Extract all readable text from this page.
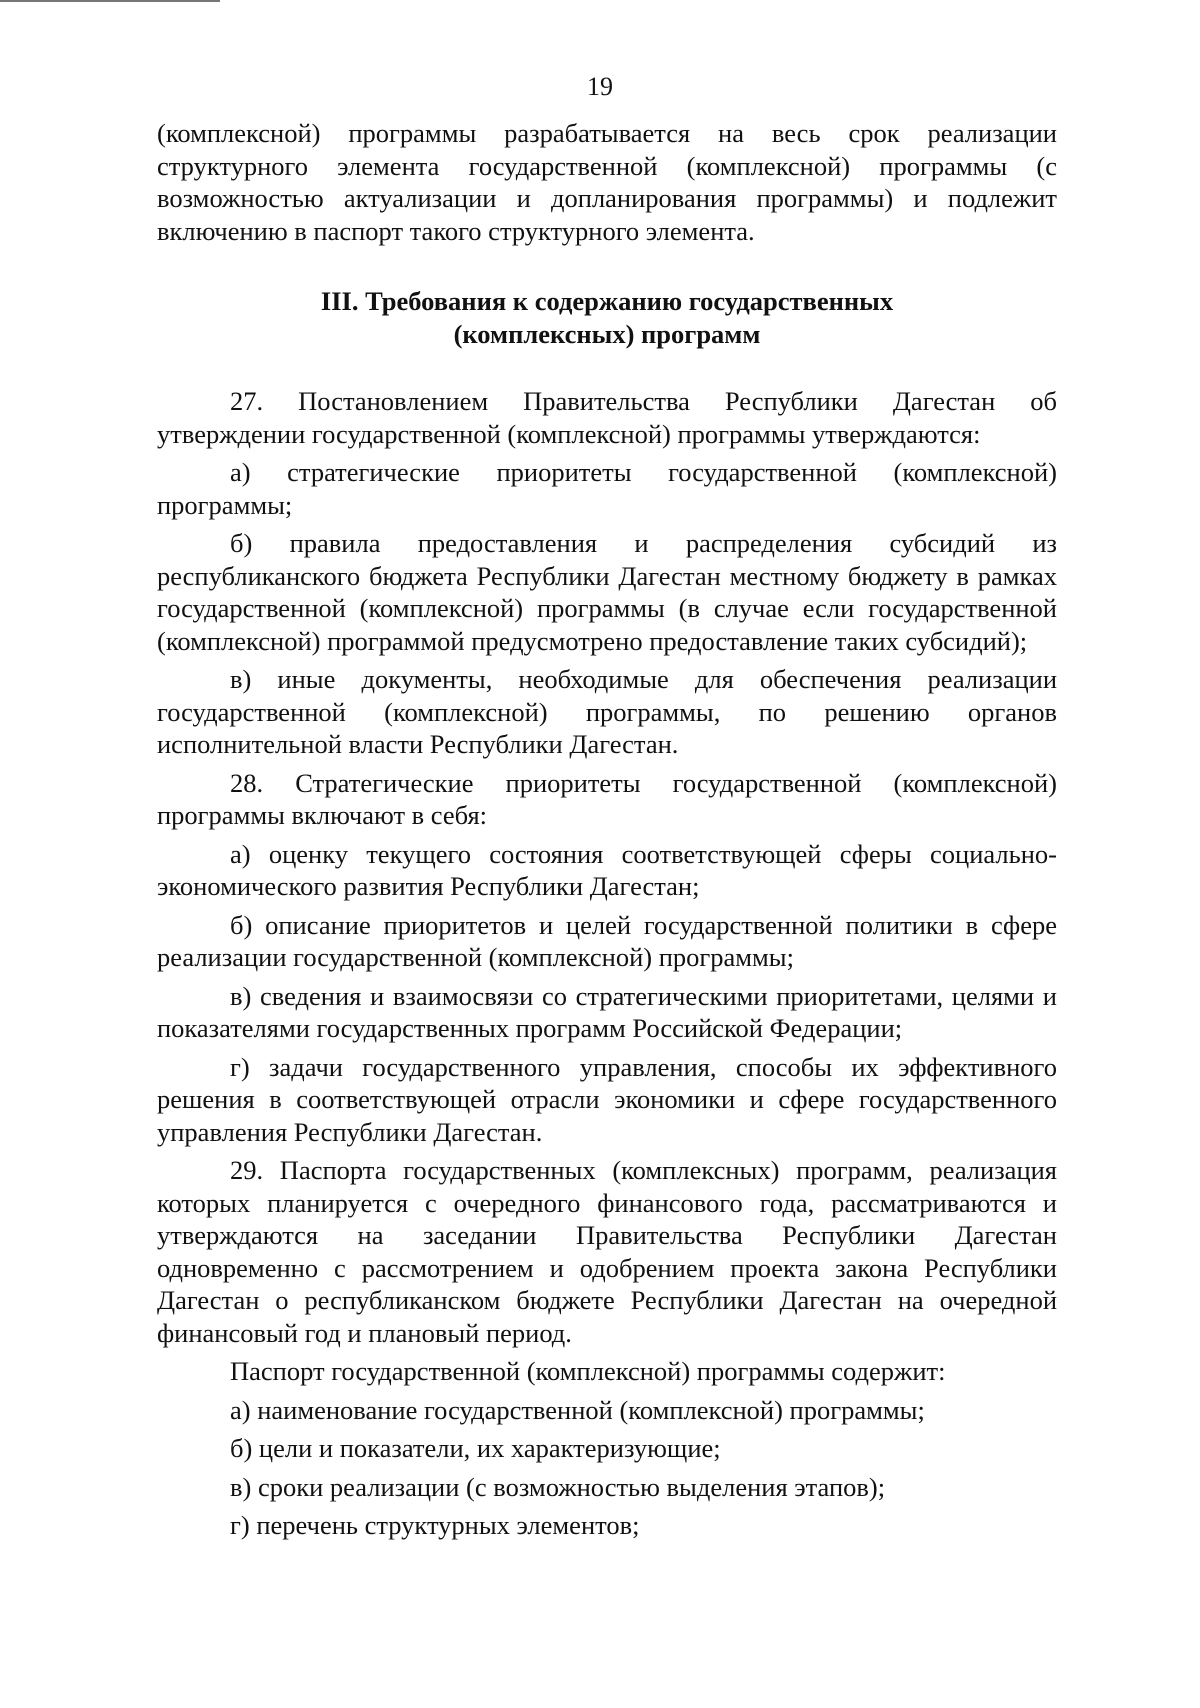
19

(комплексной) программы разрабатывается на весь срок реализации структурного элемента государственной (комплексной) программы (с возможностью актуализации и допланирования программы) и подлежит включению в паспорт такого структурного элемента.

III. Требования к содержанию государственных
(комплексных) программ

27. Постановлением Правительства Республики Дагестан об утверждении государственной (комплексной) программы утверждаются:

а) стратегические приоритеты государственной (комплексной) программы;

б) правила предоставления и распределения субсидий из республиканского бюджета Республики Дагестан местному бюджету в рамках государственной (комплексной) программы (в случае если государственной (комплексной) программой предусмотрено предоставление таких субсидий);

в) иные документы, необходимые для обеспечения реализации государственной (комплексной) программы, по решению органов исполнительной власти Республики Дагестан.

28. Стратегические приоритеты государственной (комплексной) программы включают в себя:

а) оценку текущего состояния соответствующей сферы социально-экономического развития Республики Дагестан;

б) описание приоритетов и целей государственной политики в сфере реализации государственной (комплексной) программы;

в) сведения и взаимосвязи со стратегическими приоритетами, целями и показателями государственных программ Российской Федерации;

г) задачи государственного управления, способы их эффективного решения в соответствующей отрасли экономики и сфере государственного управления Республики Дагестан.

29. Паспорта государственных (комплексных) программ, реализация которых планируется с очередного финансового года, рассматриваются и утверждаются на заседании Правительства Республики Дагестан одновременно с рассмотрением и одобрением проекта закона Республики Дагестан о республиканском бюджете Республики Дагестан на очередной финансовый год и плановый период.

Паспорт государственной (комплексной) программы содержит:

а) наименование государственной (комплексной) программы;

б) цели и показатели, их характеризующие;

в) сроки реализации (с возможностью выделения этапов);

г) перечень структурных элементов;
